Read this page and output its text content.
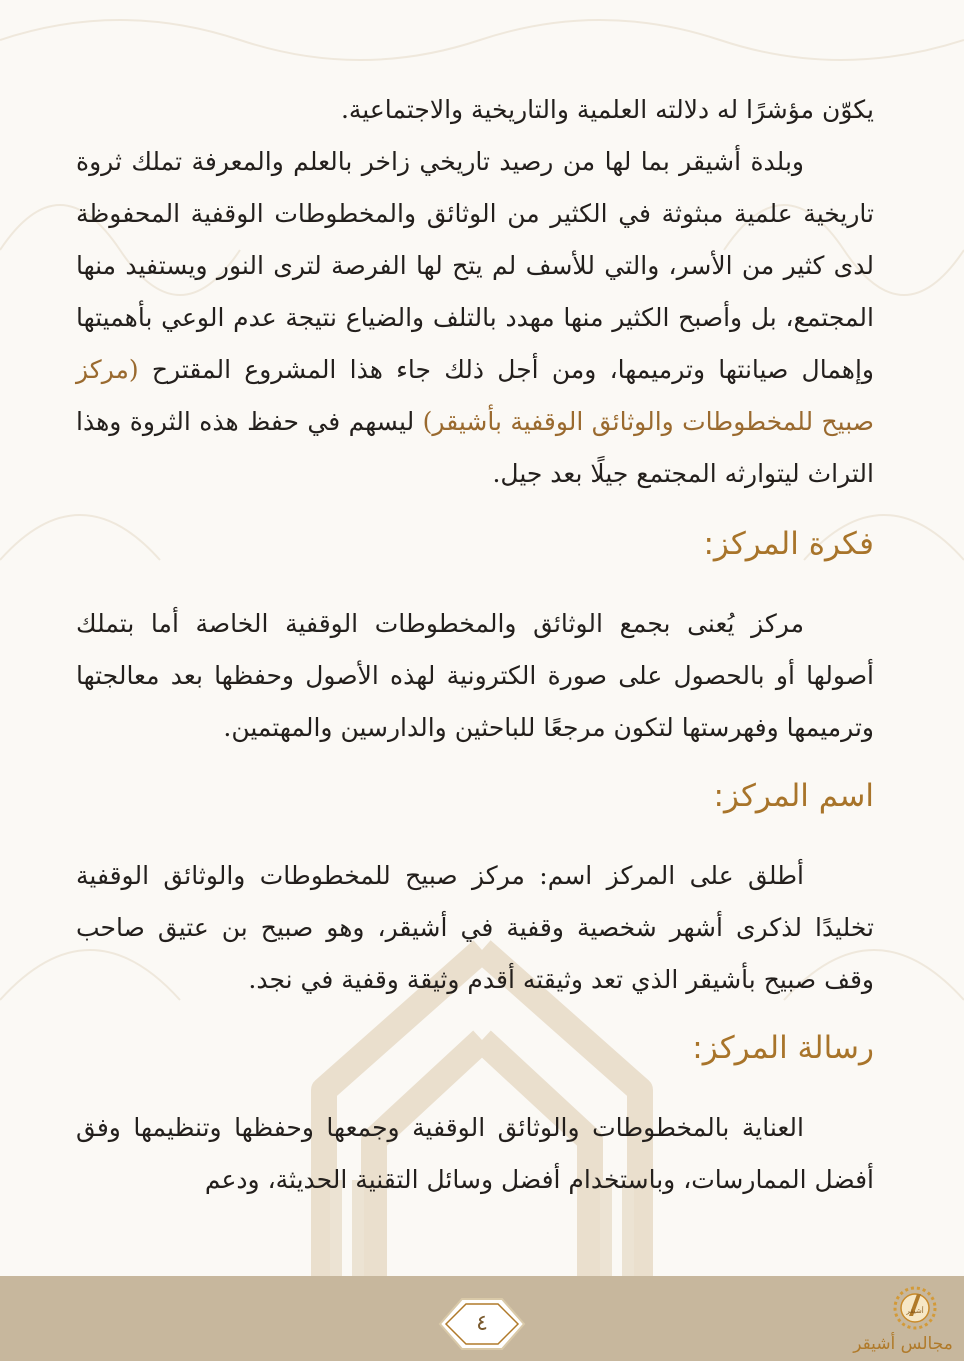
يكوّن مؤشرًا له دلالته العلمية والتاريخية والاجتماعية.

وبلدة أشيقر بما لها من رصيد تاريخي زاخر بالعلم والمعرفة تملك ثروة تاريخية علمية مبثوثة في الكثير من الوثائق والمخطوطات الوقفية المحفوظة لدى كثير من الأسر، والتي للأسف لم يتح لها الفرصة لترى النور ويستفيد منها المجتمع، بل وأصبح الكثير منها مهدد بالتلف والضياع نتيجة عدم الوعي بأهميتها وإهمال صيانتها وترميمها، ومن أجل ذلك جاء هذا المشروع المقترح (مركز صبيح للمخطوطات والوثائق الوقفية بأشيقر) ليسهم في حفظ هذه الثروة وهذا التراث ليتوارثه المجتمع جيلًا بعد جيل.

فكرة المركز:

مركز يُعنى بجمع الوثائق والمخطوطات الوقفية الخاصة أما بتملك أصولها أو بالحصول على صورة الكترونية لهذه الأصول وحفظها بعد معالجتها وترميمها وفهرستها لتكون مرجعًا للباحثين والدارسين والمهتمين.

اسم المركز:

أطلق على المركز اسم: مركز صبيح للمخطوطات والوثائق الوقفية تخليدًا لذكرى أشهر شخصية وقفية في أشيقر، وهو صبيح بن عتيق صاحب وقف صبيح بأشيقر الذي تعد وثيقته أقدم وثيقة وقفية في نجد.

رسالة المركز:

العناية بالمخطوطات والوثائق الوقفية وجمعها وحفظها وتنظيمها وفق أفضل الممارسات، وباستخدام أفضل وسائل التقنية الحديثة، ودعم

٤	أشيقر
مجالس أشيقر
